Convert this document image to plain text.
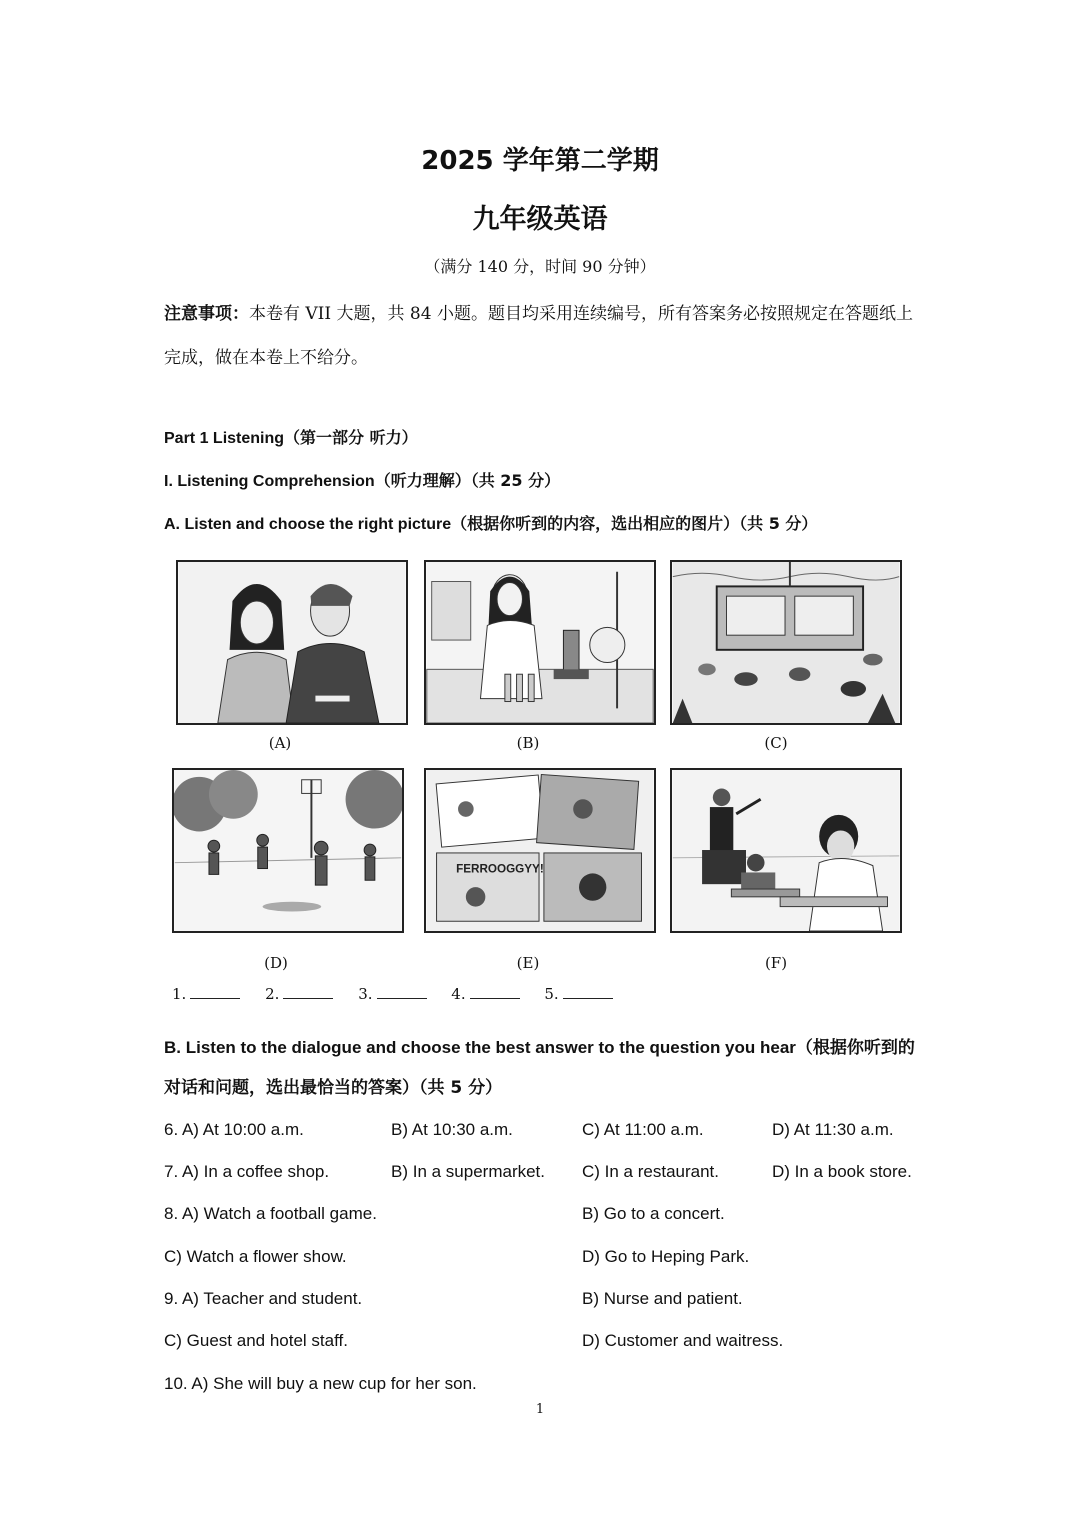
2025 学年第二学期
九年级英语
（满分 140 分，时间 90 分钟）
注意事项：本卷有 VII 大题，共 84 小题。题目均采用连续编号，所有答案务必按照规定在答题纸上完成，做在本卷上不给分。
Part 1 Listening（第一部分 听力）
I. Listening Comprehension（听力理解）（共 25 分）
A. Listen and choose the right picture（根据你听到的内容，选出相应的图片）（共 5 分）
(A)	(B)	(C)
(D)
FERROOGGYY!
(E)	(F)
1.	2.	3.	4.	5.
B. Listen to the dialogue and choose the best answer to the question you hear（根据你听到的对话和问题，选出最恰当的答案）（共 5 分）
6. A) At 10:00 a.m.	B) At 10:30 a.m.	C) At 11:00 a.m.	D) At 11:30 a.m.
7. A) In a coffee shop.	B) In a supermarket. C) In a restaurant.	D) In a book store.
8. A) Watch a football game.	B) Go to a concert.
C) Watch a flower show.	D) Go to Heping Park.
9. A) Teacher and student.	B) Nurse and patient.
C) Guest and hotel staff.	D) Customer and waitress.
10. A) She will buy a new cup for her son.
1
